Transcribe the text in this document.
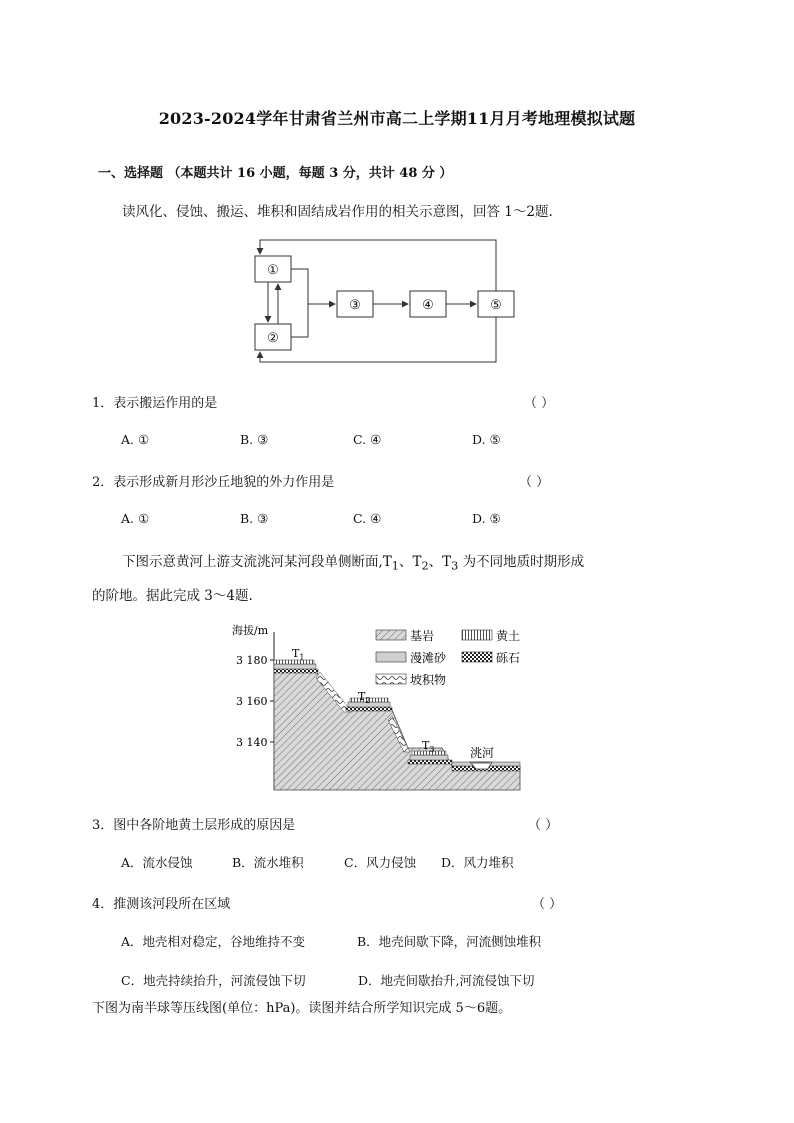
2023-2024学年甘肃省兰州市高二上学期11月月考地理模拟试题
一、选择题 （本题共计 16 小题，每题 3 分，共计 48 分 ）
读风化、侵蚀、搬运、堆积和固结成岩作用的相关示意图，回答 1～2题.
①
②
③	④	⑤
1．表示搬运作用的是	（ ）
A. ①	B. ③	C. ④	D. ⑤
2．表示形成新月形沙丘地貌的外力作用是	（ ）
A. ①	B. ③	C. ④	D. ⑤
下图示意黄河上游支流洮河某河段单侧断面$,T_1$、$T_2$、$T_3$ 为不同地质时期形成
的阶地。据此完成 3～4题.
海拔/m
3 180
3 160
3 140
$T_1$
$T_2$
$T_3$	洮河
基岩	黄土
漫滩砂	砾石
坡积物
3．图中各阶地黄土层形成的原因是	（ ）
A．流水侵蚀	B．流水堆积	C．风力侵蚀 D．风力堆积
4．推测该河段所在区域	（ ）
A．地壳相对稳定，谷地维持不变	B．地壳间歇下降，河流侧蚀堆积
C．地壳持续抬升，河流侵蚀下切	D．地壳间歇抬升,河流侵蚀下切
下图为南半球等压线图(单位：hPa)。读图并结合所学知识完成 5～6题。
